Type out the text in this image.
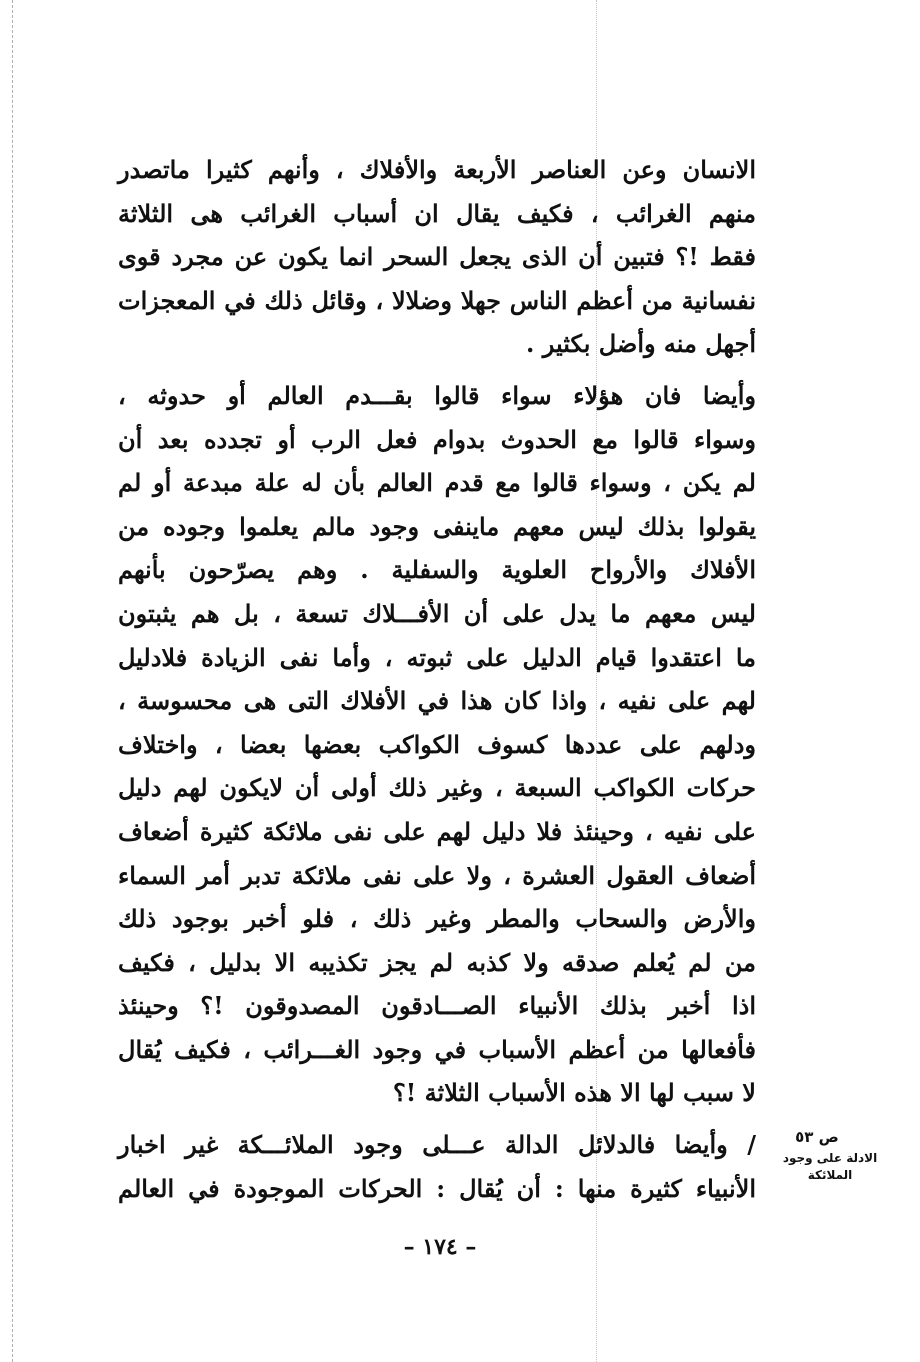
الانسان وعن العناصر الأربعة والأفلاك ، وأنهم كثيرا ماتصدر
منهم الغرائب ، فكيف يقال ان أسباب الغرائب هى الثلاثة
فقط !؟ فتبين أن الذى يجعل السحر انما يكون عن مجرد قوى
نفسانية من أعظم الناس جهلا وضلالا ، وقائل ذلك في المعجزات
أجهل منه وأضل بكثير .
وأيضا فان هؤلاء سواء قالوا بقـــدم العالم أو حدوثه ،
وسواء قالوا مع الحدوث بدوام فعل الرب أو تجدده بعد أن
لم يكن ، وسواء قالوا مع قدم العالم بأن له علة مبدعة أو لم
يقولوا بذلك ليس معهم ماينفى وجود مالم يعلموا وجوده من
الأفلاك والأرواح العلوية والسفلية . وهم يصرّحون بأنهم
ليس معهم ما يدل على أن الأفـــلاك تسعة ، بل هم يثبتون
ما اعتقدوا قيام الدليل على ثبوته ، وأما نفى الزيادة فلادليل
لهم على نفيه ، واذا كان هذا في الأفلاك التى هى محسوسة ،
ودلهم على عددها كسوف الكواكب بعضها بعضا ، واختلاف
حركات الكواكب السبعة ، وغير ذلك أولى أن لايكون لهم دليل
على نفيه ، وحينئذ فلا دليل لهم على نفى ملائكة كثيرة أضعاف
أضعاف العقول العشرة ، ولا على نفى ملائكة تدبر أمر السماء
والأرض والسحاب والمطر وغير ذلك ، فلو أخبر بوجود ذلك
من لم يُعلم صدقه ولا كذبه لم يجز تكذيبه الا بدليل ، فكيف
اذا أخبر بذلك الأنبياء الصـــادقون المصدوقون !؟ وحينئذ
فأفعالها من أعظم الأسباب في وجود الغـــرائب ، فكيف يُقال
لا سبب لها الا هذه الأسباب الثلاثة !؟
/ وأيضا فالدلائل الدالة عـــلى وجود الملائـــكة غير اخبار
الأنبياء كثيرة منها : أن يُقال : الحركات الموجودة في العالم
ص ٥٣
الادلة على وجود
الملائكة
– ١٧٤ –
